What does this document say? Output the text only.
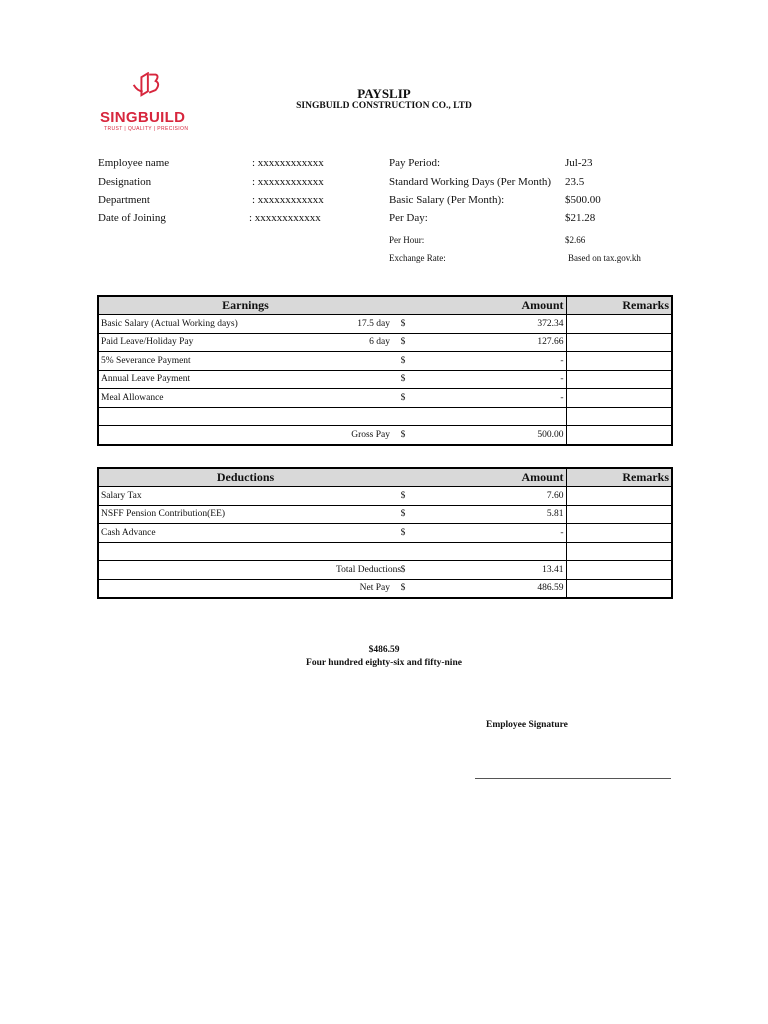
SINGBUILD
TRUST | QUALITY | PRECISION
PAYSLIP
SINGBUILD CONSTRUCTION CO., LTD
Employee name	: xxxxxxxxxxxx
Designation	: xxxxxxxxxxxx
Department	: xxxxxxxxxxxx
Date of Joining	: xxxxxxxxxxxx
Pay Period:	Jul-23
Standard Working Days (Per Month) 23.5
Basic Salary (Per Month):	$500.00
Per Day:	$21.28
Per Hour:	$2.66
Exchange Rate:	Based on tax.gov.kh
Earnings			Amount	Remarks
Basic Salary (Actual Working days)	17.5 day	$	372.34	
Paid Leave/Holiday Pay	6 day	$	127.66	
5% Severance Payment		$	-	
Annual Leave Payment		$	-	
Meal Allowance		$	-	

	Gross Pay	$	500.00	
Deductions			Amount	Remarks
Salary Tax		$	7.60	
NSFF Pension Contribution(EE)		$	5.81	
Cash Advance		$	-	

	Total Deductions	$	13.41	
	Net Pay	$	486.59	
$486.59
Four hundred eighty-six and fifty-nine
Employee Signature
